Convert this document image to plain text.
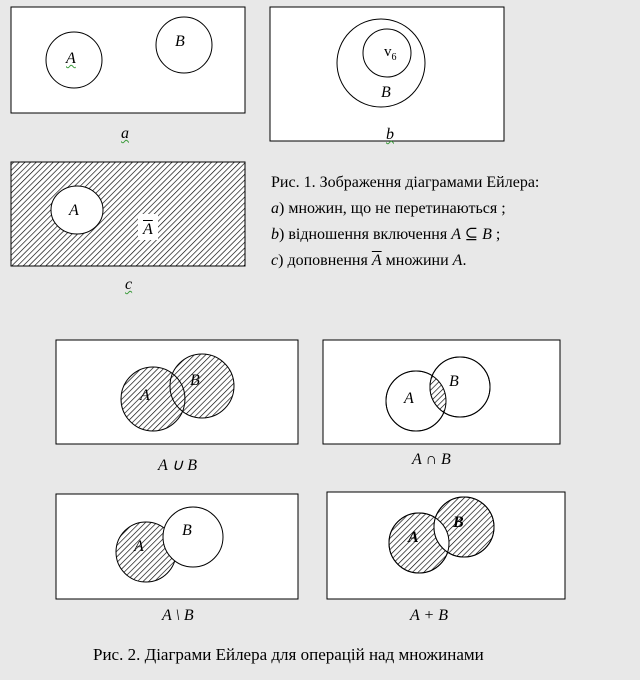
A
B
a
$v_6$
B
b
A
$\overline{A}$
c
Рис. 1. Зображення діаграмами Ейлера:
a) множин, що не перетинаються ;
b) відношення включення A ⊆ B ;
c) доповнення $\overline{A}$ множини A.
A
B
A ∪ B
A
B
A ∩ B
A
B
A \ B
A
B
A + B
Рис. 2. Діаграми Ейлера для операцій над множинами
